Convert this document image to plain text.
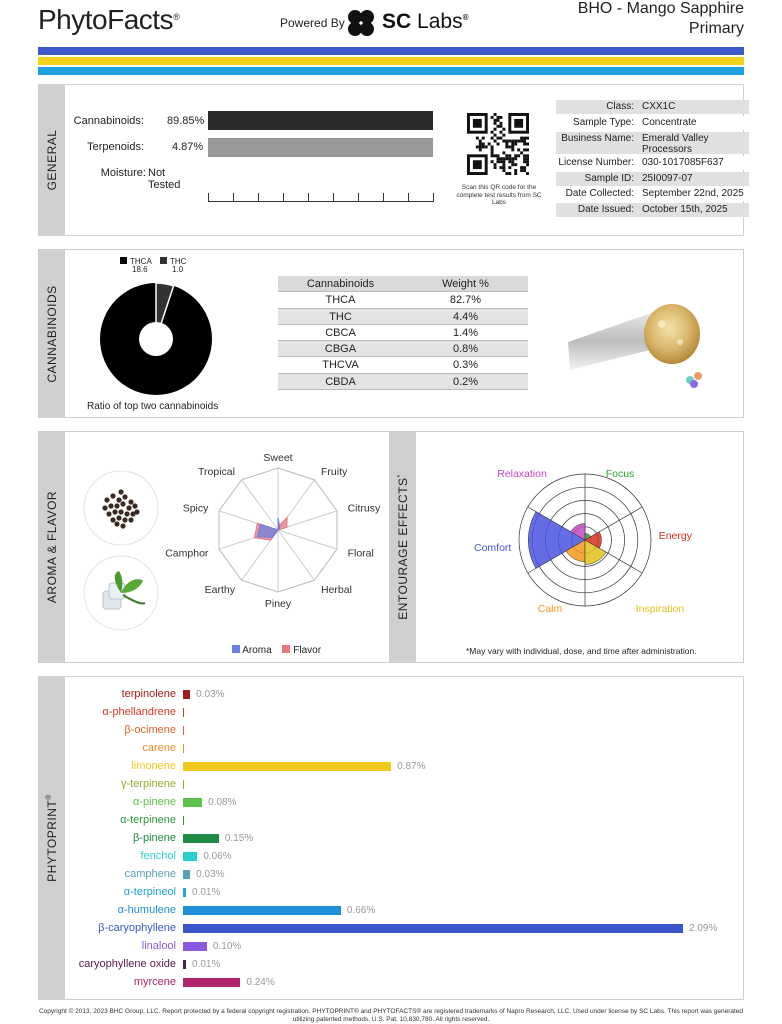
PhytoFacts®	Powered By SC Labs®
BHO - Mango Sapphire
Primary
GENERAL
Cannabinoids: 89.85%
Terpenoids:	4.87%
Moisture: Not Tested	Scan this QR code for the complete test results from SC Labs
Class: CXX1C
Sample Type: Concentrate
Business Name: Emerald Valley Processors
License Number: 030-1017085F637
Sample ID: 25I0097-07
Date Collected: September 22nd, 2025
Date Issued: October 15th, 2025
CANNABINOIDS
THCA
18.6
THC
1.0
Ratio of top two cannabinoids
Cannabinoids	Weight %
THCA	82.7%
THC	4.4%
CBCA	1.4%
CBGA	0.8%
THCVA	0.3%
CBDA	0.2%
AROMA & FLAVOR
Sweet
Fruity
Citrusy
Floral
Herbal
Piney
Earthy
Camphor
Spicy
Tropical
Aroma Flavor
ENTOURAGE EFFECTS*	Relaxation	Focus
Energy
Inspiration
Calm
Comfort
*May vary with individual, dose, and time after administration.
PHYTOPRINT®
terpinolene 0.03%
α-phellandrene
β-ocimene
carene
limonene	0.87%
γ-terpinene
α-pinene	0.08%
α-terpinene
β-pinene	0.15%
fenchol	0.06%
camphene 0.03%
α-terpineol 0.01%
α-humulene	0.66%
β-caryophyllene	2.09%
linalool	0.10%
caryophyllene oxide 0.01%
myrcene	0.24%
Copyright © 2013, 2023 BHC Group, LLC. Report protected by a federal copyright registration. PHYTOPRINT® and PHYTOFACTS® are registered trademarks of Napro Research, LLC. Used under license by SC Labs. This report was generated utilizing patented methods. U.S. Pat. 10,830,780. All rights reserved.
